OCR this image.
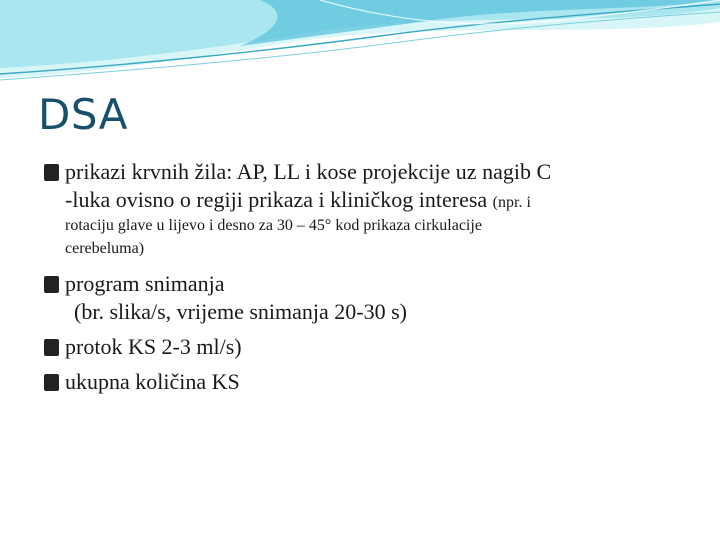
DSA
prikazi krvnih žila: AP, LL i kose projekcije uz nagib C
-luka ovisno o regiji prikaza i kliničkog interesa (npr. i
rotaciju glave u lijevo i desno za 30 – 45° kod prikaza cirkulacije
cerebeluma)
program snimanja
(br. slika/s, vrijeme snimanja 20-30 s)
protok KS 2-3 ml/s)
ukupna količina KS
